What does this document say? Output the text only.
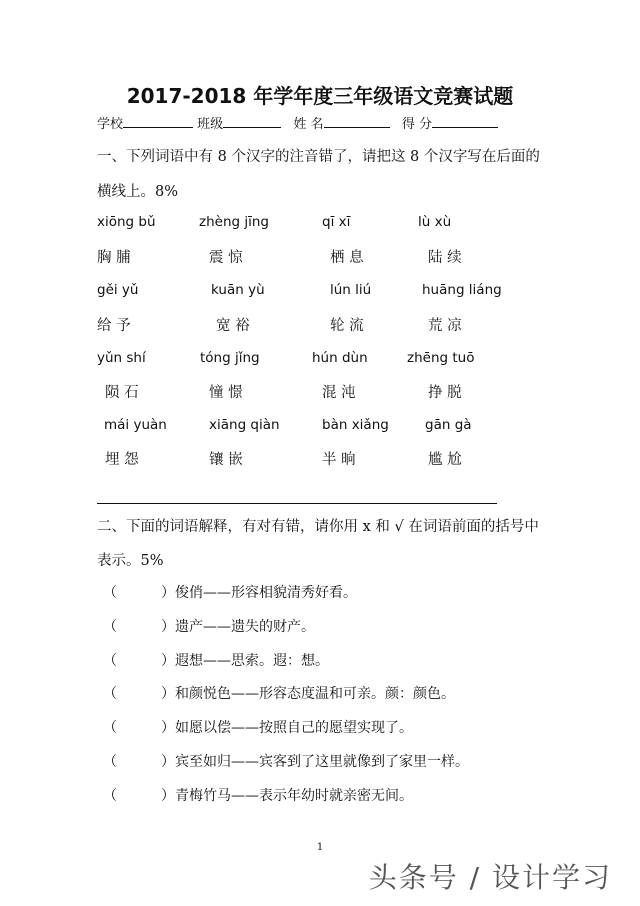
2017-2018 年学年度三年级语文竞赛试题
学校	班级	姓 名	得 分
一、下列词语中有 8 个汉字的注音错了，请把这 8 个汉字写在后面的
横线上。8%
xiōng bǔ	zhèng jīng	qī xī	lù xù
胸 脯	震 惊	栖 息	陆 续
gěi yǔ	kuān yù	lún liú	huāng liáng
给 予	宽 裕	轮 流	荒 凉
yǔn shí	tóng jǐng	hún dùn	zhēng tuō
陨 石	憧 憬	混 沌	挣 脱
mái yuàn	xiāng qiàn	bàn xiǎng	gān gà
埋 怨	镶 嵌	半 晌	尴 尬
二、下面的词语解释，有对有错，请你用 x 和 √ 在词语前面的括号中
表示。5%
（	）俊俏——形容相貌清秀好看。
（	）遗产——遗失的财产。
（	）遐想——思索。遐：想。
（	）和颜悦色——形容态度温和可亲。颜：颜色。
（	）如愿以偿——按照自己的愿望实现了。
（	）宾至如归——宾客到了这里就像到了家里一样。
（	）青梅竹马——表示年幼时就亲密无间。
1
头条号 / 设计学习
